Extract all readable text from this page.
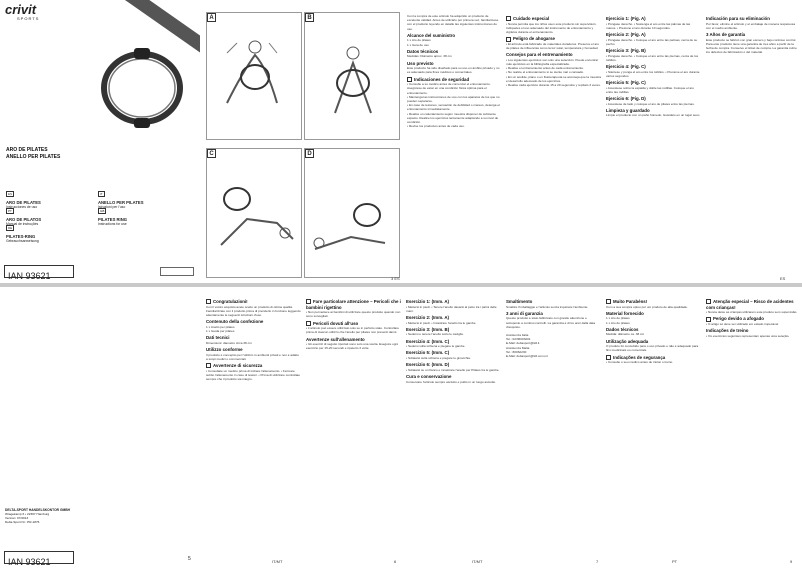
crivit
SPORTS
ARO DE PILATES
ANELLO PER PILATES
ES
ARO DE PILATES
Instrucciones de uso
IT
ANELLO PER PILATES
Istruzioni per l'uso
PT
ARO DE PILATOS
Manual de instruções
GB
PILATES RING
Instructions for use
DE
PILATES-RING
Gebrauchsanweisung
IAN 93621
A	B
C	D

Con la compra de este artículo ha adquirido un producto de excelente calidad. Antes de utilizarlo por primera vez, familiarícese con el producto leyendo en detalle las siguientes instrucciones de uso.

Alcance del suministro

1 x Aro de pilates

1 x Guía de uso

Datos técnicos

Medidas: Diámetro aprox. 38 cm

Uso previsto

Este producto ha sido diseñado para su uso en ámbito privado y no es adecuado para fines médicos o comerciales.

Indicaciones de seguridad

• Consulte a su médico antes de comenzar el entrenamiento. Asegúrese de estar en una condición física óptima para el entrenamiento.
• Mantenga las instrucciones de uso con los aparatos de los que no pueden separarse.
• En caso de lesiones, sensación de debilidad o mareos, detenga el entrenamiento inmediatamente.
• Realice un calentamiento según muestra disponer de suficiente espacio. Realice los ejercicios lentamente adaptando a su nivel de condición.
• Revise los productos antes de cada uso.

Cuidado especial

• Nunca permita que los niños usen este producto sin supervisión. Indíqueles el uso adecuado del instrumento de entrenamiento y vigílelos durante el entrenamiento.

Peligro de ahogarse

• El artículo está fabricado de materiales duraderos. Preserve el aro de pilates de influencias como la luz solar, temperatura y humedad.

Consejos para el entrenamiento

• Los siguientes ejercicios son solo una selección. Puede encontrar más ejercicios en la bibliografía especializada.
• Realice el entrenamiento antes de cada entrenamiento.
• No realice el entrenamiento si se siente mal o cansado.
• En un acolide, piano o en fisioterapeuta se aconseja que la muestra el desarrollo adecuado de los ejercicios.
• Realice cada ejercicio durante 15 a 20 segundos y repítalo 3 veces.

Ejercicio 1: (Fig. A)

• Póngase derecho. • Sostenga el aro entre las palmas de las manos. • Presione el aro durante 10 segundos.

Ejercicio 2: (Fig. A)

• Póngase derecho. • Coloque el aro entre las palmas, cerca de su pecho.

Ejercicio 3: (Fig. B)

• Póngase derecho. • Coloque el aro entre las piernas, cerca de los tobillos.

Ejercicio 4: (Fig. C)

• Siéntese y ponga el aro entre los tobillos. • Presione el aro durante varios segundos.

Ejercicio 5: (Fig. C)

• Acuéstese sobre la espalda y doble las rodillas. Coloque el aro entre las rodillas.

Ejercicio 6: (Fig. D)

• Acuéstese de lado y coloque el aro de pilates entre las piernas.

Limpieza y guardado

Limpie el producto con un paño húmedo. Guárdelo en un lugar seco.

Indicación para su eliminación

Por favor, elimine el artículo y el embalaje de manera respetuosa con el medio ambiente.

3 Años de garantía

Este producto se fabricó con gran esmero y bajo continuo control. Para este producto tiene una garantía de tres años a partir de la fecha de compra. Conserve el ticket de compra. La garantía cubre los defectos de fabricación o del material.

3 ES	ES
DELTA-SPORT HANDELSKONTOR GMBH
Wragekamp 6 • 22397 Hamburg
Version: 07/2013
Delta-Sport Nr.: PR-1876
IAN 93621	5
Congratulazioni!

Con il vostro acquisto avete scelto un prodotto di ottima qualità. Familiarizzate con il prodotto prima di prenderlo in funzione leggendo attentamente le seguenti istruzioni d'uso.

Contenuto della confezione

1 x Anello per pilates

1 x Guida per pilates

Dati tecnici

Dimensioni: diametro circa 38 cm

Utilizzo conforme

Il prodotto è concepito per l'utilizzo in ambienti privati e non è adatto a scopi medici o commerciali.

Avvertenze di sicurezza

• Consultate un medico prima di iniziare l'allenamento. • Fermare subito l'allenamento in caso di lesioni. • Prima di utilizzare controllate sempre che il prodotto sia integro.

Fare particolare attenzione – Pericoli che i bambini rigettino

• Non permettere ai bambini di utilizzare questo prodotto quando non sono sorvegliati.

Pericoli dovuti all'uso

• L'articolo può essere utilizzato solo se in perfetto stato. Controllare prima di ciascun utilizzo che l'anello per pilates non presenti danni.

Avvertenze sull'allenamento

• Gli esercizi di seguito riportati sono solo una scelta. Eseguire ogni esercizio per 15-20 secondi e ripeterlo 3 volte.

Esercizio 1: (Imm. A)

• Mettersi in piedi. • Tenere l'anello davanti al petto tra i palmi delle mani.

Esercizio 2: (Imm. A)

• Mettersi in piedi. • Incastrare l'anello tra le gambe.

Esercizio 3: (Imm. B)

• Sedersi e tenere l'anello sotto le caviglie.

Esercizio 4: (Imm. C)

• Sedersi sulla schiena e piegare le gambe.

Esercizio 5: (Imm. C)

• Sdraiarsi sulla schiena e piegare le ginocchia.

Esercizio 6: (Imm. D)

• Sdraiarsi su un fianco e incastrare l'anello per Pilates tra le gambe.

Cura e conservazione

Conservare l'articolo sempre asciutto e pulito in un luogo asciutto.

Smaltimento

Smaltire l'imballaggio e l'articolo senza inquinare l'ambiente.

3 anni di garanzia

Questo prodotto è stato fabbricato con grande attenzione e sottoposto a continui controlli. La garanzia è di tre anni dalla data d'acquisto.

Assistenza Italia

Tel.: 02/36003201

E-Mail: deltasport@lidl.it

Assistenza Malta

Tel.: 80062230

E-Mail: deltasport@lidl.com.mt

Muito Parabéns!

Com a sua compra optou por um produto de alta qualidade.

Material fornecido

1 x Aro de pilates

1 x Aro de pilates

Dados técnicos

Medida: diâmetro ca. 38 cm

Utilização adequada

O produto foi concebido para o uso privado e não é adequado para fins medicinais ou comerciais.

Indicações de segurança

• Consulte o seu médico antes de iniciar o treino.

Atenção especial – Risco de acidentes com crianças!

• Nunca deixe as crianças utilizarem este produto sem supervisão.

Perigo devido a afogado

• O artigo só deve ser utilizado em estado impecável.

Indicações de treino

• Os exercícios seguintes representam apenas uma seleção.

IT/MT	6	IT/MT	7	PT	9
